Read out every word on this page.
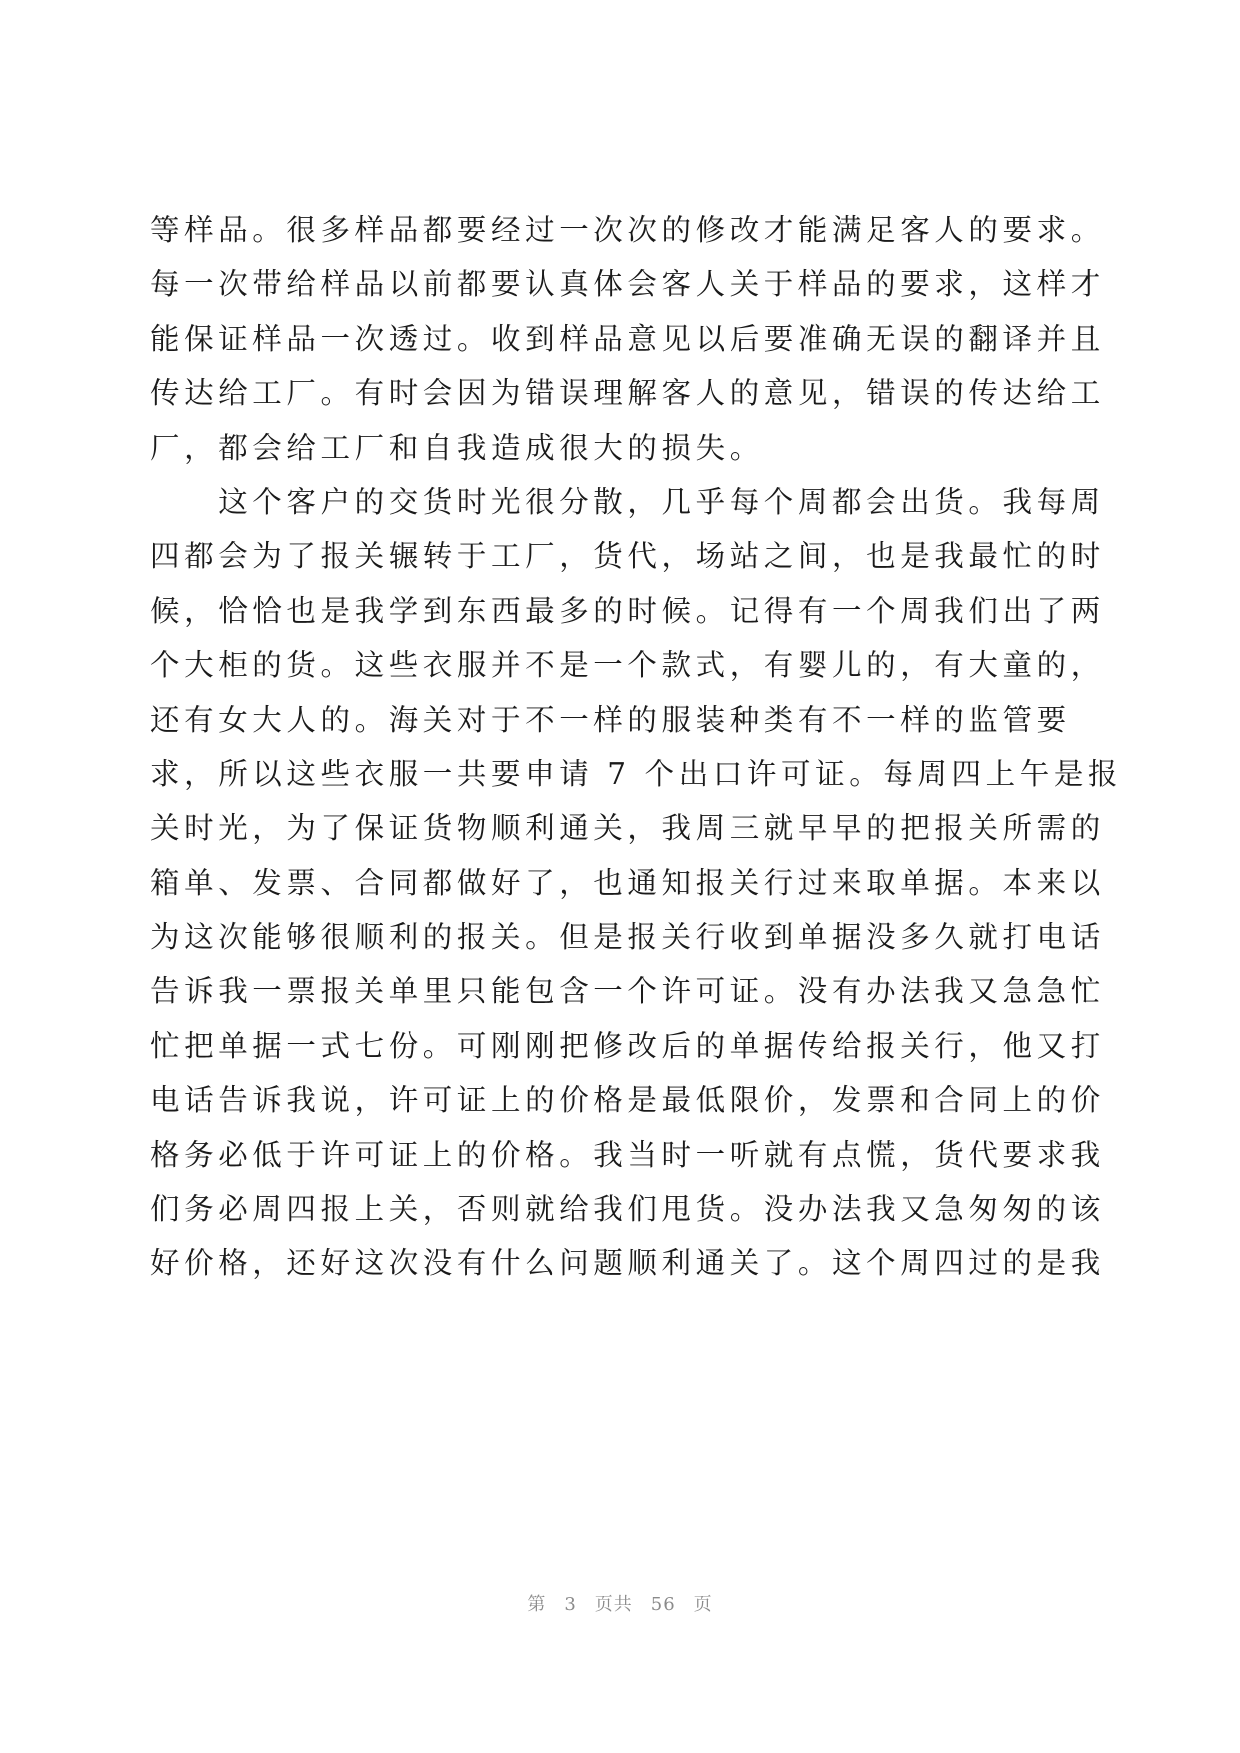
等样品。很多样品都要经过一次次的修改才能满足客人的要求。
每一次带给样品以前都要认真体会客人关于样品的要求，这样才
能保证样品一次透过。收到样品意见以后要准确无误的翻译并且
传达给工厂。有时会因为错误理解客人的意见，错误的传达给工
厂，都会给工厂和自我造成很大的损失。
　　这个客户的交货时光很分散，几乎每个周都会出货。我每周
四都会为了报关辗转于工厂，货代，场站之间，也是我最忙的时
候，恰恰也是我学到东西最多的时候。记得有一个周我们出了两
个大柜的货。这些衣服并不是一个款式，有婴儿的，有大童的，
还有女大人的。海关对于不一样的服装种类有不一样的监管要
求，所以这些衣服一共要申请 7 个出口许可证。每周四上午是报
关时光，为了保证货物顺利通关，我周三就早早的把报关所需的
箱单、发票、合同都做好了，也通知报关行过来取单据。本来以
为这次能够很顺利的报关。但是报关行收到单据没多久就打电话
告诉我一票报关单里只能包含一个许可证。没有办法我又急急忙
忙把单据一式七份。可刚刚把修改后的单据传给报关行，他又打
电话告诉我说，许可证上的价格是最低限价，发票和合同上的价
格务必低于许可证上的价格。我当时一听就有点慌，货代要求我
们务必周四报上关，否则就给我们甩货。没办法我又急匆匆的该
好价格，还好这次没有什么问题顺利通关了。这个周四过的是我
第 3 页共 56 页
